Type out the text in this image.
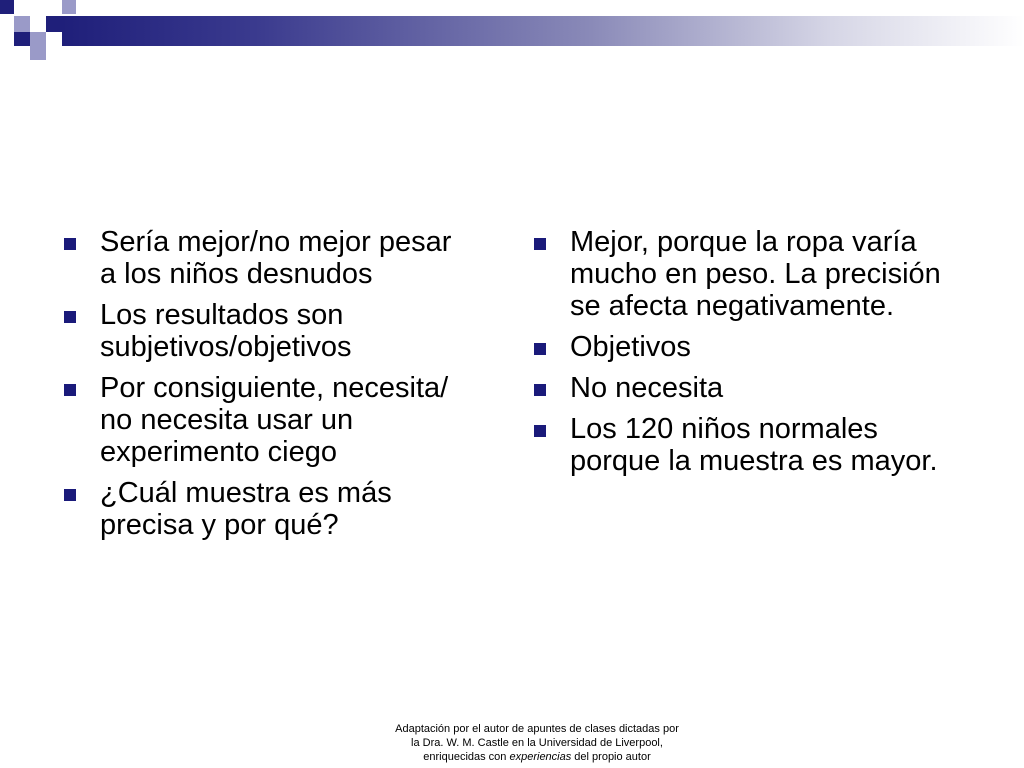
Sería mejor/no mejor pesar a los niños desnudos
Los resultados son subjetivos/objetivos
Por consiguiente, necesita/ no necesita usar un experimento ciego
¿Cuál muestra es más precisa y por qué?
Mejor, porque la ropa varía mucho en peso. La precisión se afecta negativamente.
Objetivos
No necesita
Los 120 niños normales porque la muestra es mayor.
Adaptación por el autor de apuntes de clases dictadas por
la Dra. W. M. Castle en la Universidad de Liverpool,
enriquecidas con experiencias del propio autor
